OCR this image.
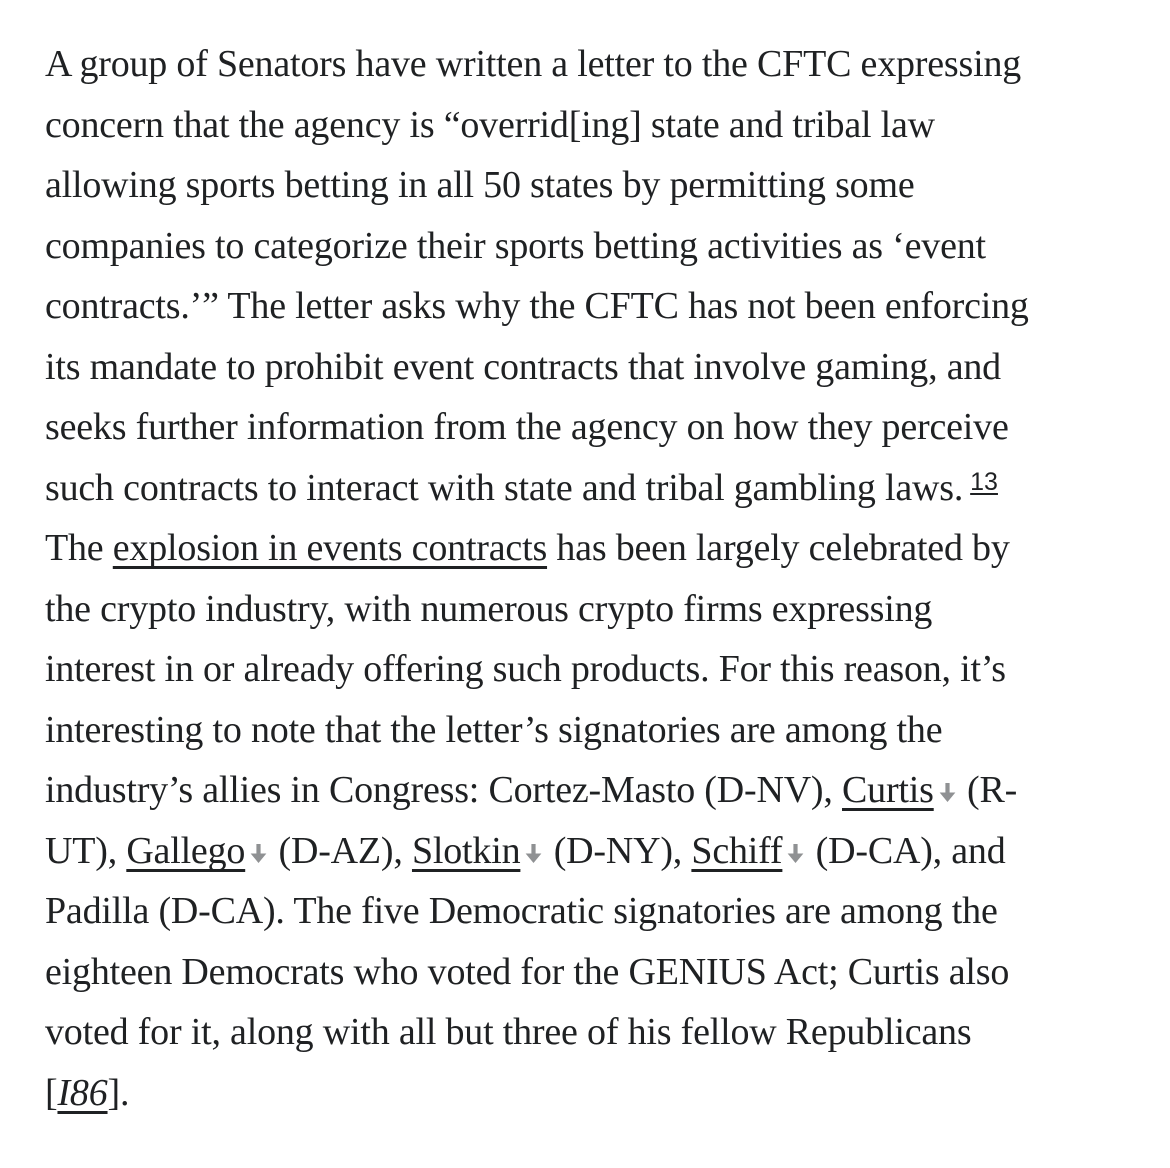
A group of Senators have written a letter to the CFTC expressing
concern that the agency is “overrid[ing] state and tribal law
allowing sports betting in all 50 states by permitting some
companies to categorize their sports betting activities as ‘event
contracts.’” The letter asks why the CFTC has not been enforcing
its mandate to prohibit event contracts that involve gaming, and
seeks further information from the agency on how they perceive
such contracts to interact with state and tribal gambling laws. $^{13}$
The explosion in events contracts has been largely celebrated by
the crypto industry, with numerous crypto firms expressing
interest in or already offering such products. For this reason, it’s
interesting to note that the letter’s signatories are among the
industry’s allies in Congress: Cortez-Masto (D-NV), Curtis (R-
UT), Gallego (D-AZ), Slotkin (D-NY), Schiff (D-CA), and
Padilla (D-CA). The five Democratic signatories are among the
eighteen Democrats who voted for the GENIUS Act; Curtis also
voted for it, along with all but three of his fellow Republicans
[I86].
